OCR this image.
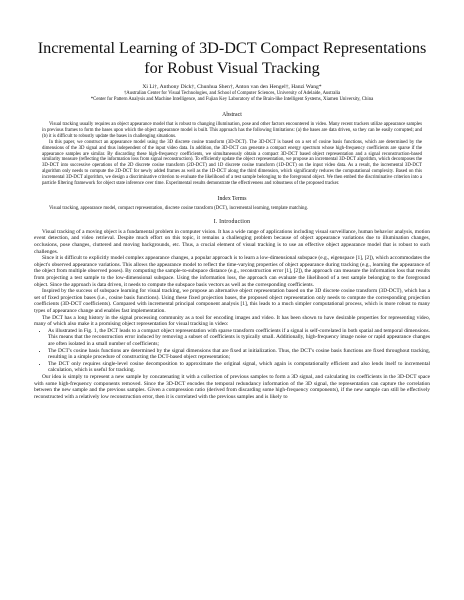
Incremental Learning of 3D-DCT Compact Representations
for Robust Visual Tracking
Xi Li†, Anthony Dick†, Chunhua Shen†, Anton van den Hengel†, Hanzi Wang*
†Australian Center for Visual Technologies, and School of Computer Sciences, University of Adelaide, Australia
*Center for Pattern Analysis and Machine Intelligence, and Fujian Key Laboratory of the Brain-like Intelligent Systems, Xiamen University, China
Abstract

Visual tracking usually requires an object appearance model that is robust to changing illumination, pose and other factors encountered in video. Many recent trackers utilize appearance samples in previous frames to form the bases upon which the object appearance model is built. This approach has the following limitations: (a) the bases are data driven, so they can be easily corrupted; and (b) it is difficult to robustly update the bases in challenging situations.

In this paper, we construct an appearance model using the 3D discrete cosine transform (3D-DCT). The 3D-DCT is based on a set of cosine basis functions, which are determined by the dimensions of the 3D signal and thus independent of the input video data. In addition, the 3D-DCT can generate a compact energy spectrum whose high-frequency coefficients are sparse if the appearance samples are similar. By discarding these high-frequency coefficients, we simultaneously obtain a compact 3D-DCT based object representation and a signal reconstruction-based similarity measure (reflecting the information loss from signal reconstruction). To efficiently update the object representation, we propose an incremental 3D-DCT algorithm, which decomposes the 3D-DCT into successive operations of the 2D discrete cosine transform (2D-DCT) and 1D discrete cosine transform (1D-DCT) on the input video data. As a result, the incremental 3D-DCT algorithm only needs to compute the 2D-DCT for newly added frames as well as the 1D-DCT along the third dimension, which significantly reduces the computational complexity. Based on this incremental 3D-DCT algorithm, we design a discriminative criterion to evaluate the likelihood of a test sample belonging to the foreground object. We then embed the discriminative criterion into a particle filtering framework for object state inference over time. Experimental results demonstrate the effectiveness and robustness of the proposed tracker.

Index Terms
Visual tracking, appearance model, compact representation, discrete cosine transform (DCT), incremental learning, template matching.
I. Introduction

Visual tracking of a moving object is a fundamental problem in computer vision. It has a wide range of applications including visual surveillance, human behavior analysis, motion event detection, and video retrieval. Despite much effort on this topic, it remains a challenging problem because of object appearance variations due to illumination changes, occlusions, pose changes, cluttered and moving backgrounds, etc. Thus, a crucial element of visual tracking is to use an effective object appearance model that is robust to such challenges.

Since it is difficult to explicitly model complex appearance changes, a popular approach is to learn a low-dimensional subspace (e.g., eigenspace [1], [2]), which accommodates the object's observed appearance variations. This allows the appearance model to reflect the time-varying properties of object appearance during tracking (e.g., learning the appearance of the object from multiple observed poses). By computing the sample-to-subspace distance (e.g., reconstruction error [1], [2]), the approach can measure the information loss that results from projecting a test sample to the low-dimensional subspace. Using the information loss, the approach can evaluate the likelihood of a test sample belonging to the foreground object. Since the approach is data driven, it needs to compute the subspace basis vectors as well as the corresponding coefficients.

Inspired by the success of subspace learning for visual tracking, we propose an alternative object representation based on the 3D discrete cosine transform (3D-DCT), which has a set of fixed projection bases (i.e., cosine basis functions). Using these fixed projection bases, the proposed object representation only needs to compute the corresponding projection coefficients (3D-DCT coefficients). Compared with incremental principal component analysis [1], this leads to a much simpler computational process, which is more robust to many types of appearance change and enables fast implementation.

The DCT has a long history in the signal processing community as a tool for encoding images and video. It has been shown to have desirable properties for representing video, many of which also make it a promising object representation for visual tracking in video:

• As illustrated in Fig. 1, the DCT leads to a compact object representation with sparse transform coefficients if a signal is self-correlated in both spatial and temporal dimensions. This means that the reconstruction error induced by removing a subset of coefficients is typically small. Additionally, high-frequency image noise or rapid appearance changes are often isolated in a small number of coefficients;
• The DCT's cosine basis functions are determined by the signal dimensions that are fixed at initialization. Thus, the DCT's cosine basis functions are fixed throughout tracking, resulting in a simple procedure of constructing the DCT-based object representation;
• The DCT only requires single-level cosine decomposition to approximate the original signal, which again is computationally efficient and also lends itself to incremental calculation, which is useful for tracking.

Our idea is simply to represent a new sample by concatenating it with a collection of previous samples to form a 3D signal, and calculating its coefficients in the 3D-DCT space with some high-frequency components removed. Since the 3D-DCT encodes the temporal redundancy information of the 3D signal, the representation can capture the correlation between the new sample and the previous samples. Given a compression ratio (derived from discarding some high-frequency components), if the new sample can still be effectively reconstructed with a relatively low reconstruction error, then it is correlated with the previous samples and is likely to
